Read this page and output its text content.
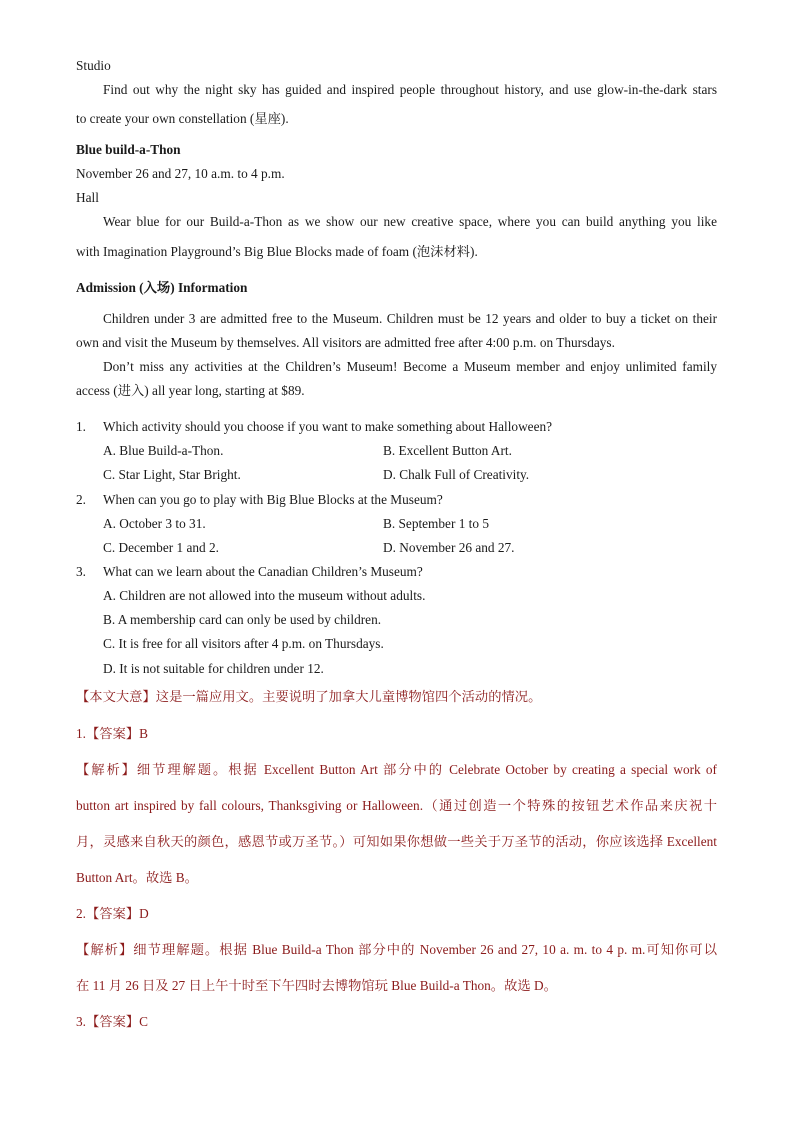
Studio
Find out why the night sky has guided and inspired people throughout history, and use glow-in-the-dark stars
to create your own constellation (星座).
Blue build-a-Thon
November 26 and 27, 10 a.m. to 4 p.m.
Hall
Wear blue for our Build-a-Thon as we show our new creative space, where you can build anything you like
with Imagination Playground’s Big Blue Blocks made of foam (泡沫材料).
Admission (入场) Information
Children under 3 are admitted free to the Museum. Children must be 12 years and older to buy a ticket on their
own and visit the Museum by themselves. All visitors are admitted free after 4:00 p.m. on Thursdays.
Don’t miss any activities at the Children’s Museum! Become a Museum member and enjoy unlimited family
access (进入) all year long, starting at $89.
1. Which activity should you choose if you want to make something about Halloween?
A. Blue Build-a-Thon.	B. Excellent Button Art.
C. Star Light, Star Bright.	D. Chalk Full of Creativity.
2. When can you go to play with Big Blue Blocks at the Museum?
A. October 3 to 31.	B. September 1 to 5
C. December 1 and 2.	D. November 26 and 27.
3. What can we learn about the Canadian Children’s Museum?
A. Children are not allowed into the museum without adults.
B. A membership card can only be used by children.
C. It is free for all visitors after 4 p.m. on Thursdays.
D. It is not suitable for children under 12.
【本文大意】这是一篇应用文。主要说明了加拿大儿童博物馆四个活动的情况。
1.【答案】B
【解析】细节理解题。根据 Excellent Button Art 部分中的 Celebrate October by creating a special work of
button art inspired by fall colours, Thanksgiving or Halloween.（通过创造一个特殊的按钮艺术作品来庆祝十
月，灵感来自秋天的颜色，感恩节或万圣节。）可知如果你想做一些关于万圣节的活动，你应该选择 Excellent
Button Art。故选 B。
2.【答案】D
【解析】细节理解题。根据 Blue Build-a Thon 部分中的 November 26 and 27, 10 a. m. to 4 p. m.可知你可以
在 11 月 26 日及 27 日上午十时至下午四时去博物馆玩 Blue Build-a Thon。故选 D。
3.【答案】C
